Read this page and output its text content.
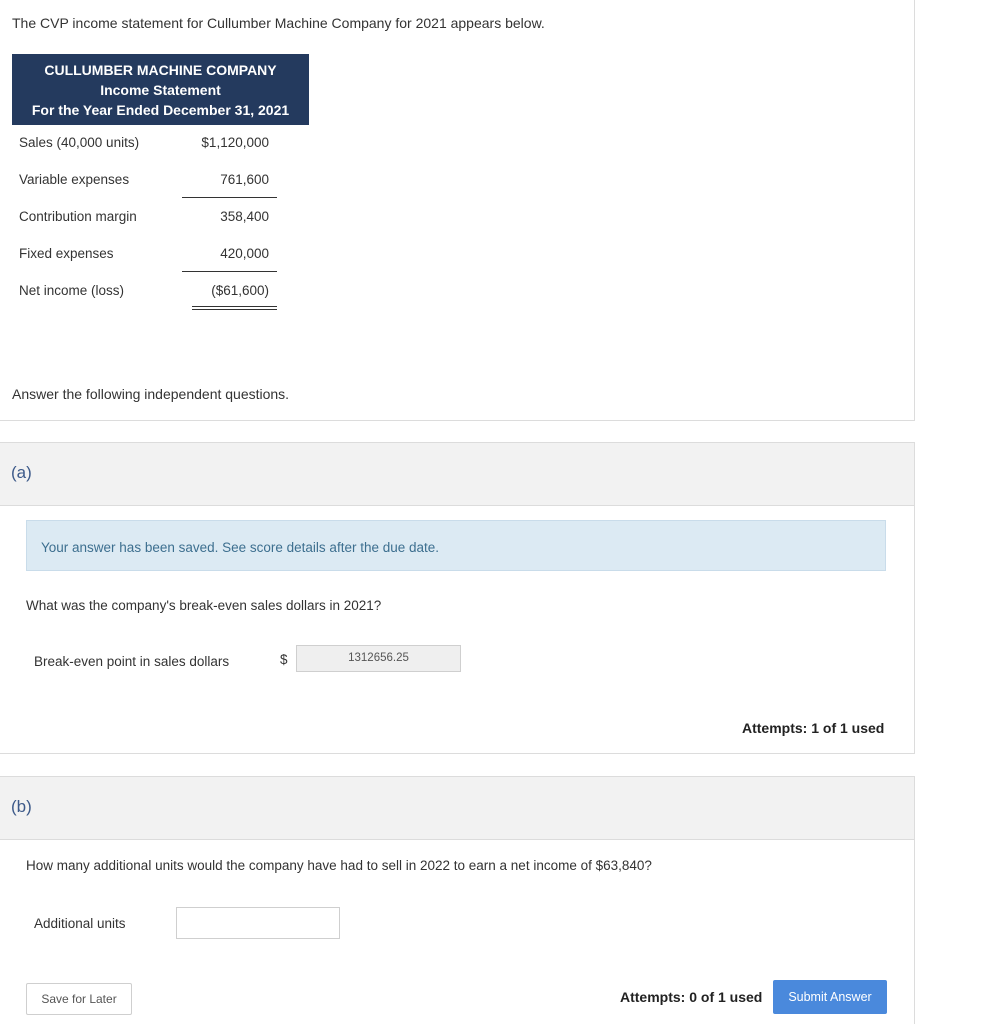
The CVP income statement for Cullumber Machine Company for 2021 appears below.
CULLUMBER MACHINE COMPANY
Income Statement
For the Year Ended December 31, 2021
Sales (40,000 units)	$1,120,000
Variable expenses	761,600
Contribution margin	358,400
Fixed expenses	420,000
Net income (loss)	($61,600)
Answer the following independent questions.
(a)
Your answer has been saved. See score details after the due date.
What was the company's break-even sales dollars in 2021?
Break-even point in sales dollars	$	1312656.25
Attempts: 1 of 1 used
(b)
How many additional units would the company have had to sell in 2022 to earn a net income of $63,840?
Additional units
Save for Later	Attempts: 0 of 1 used	Submit Answer
